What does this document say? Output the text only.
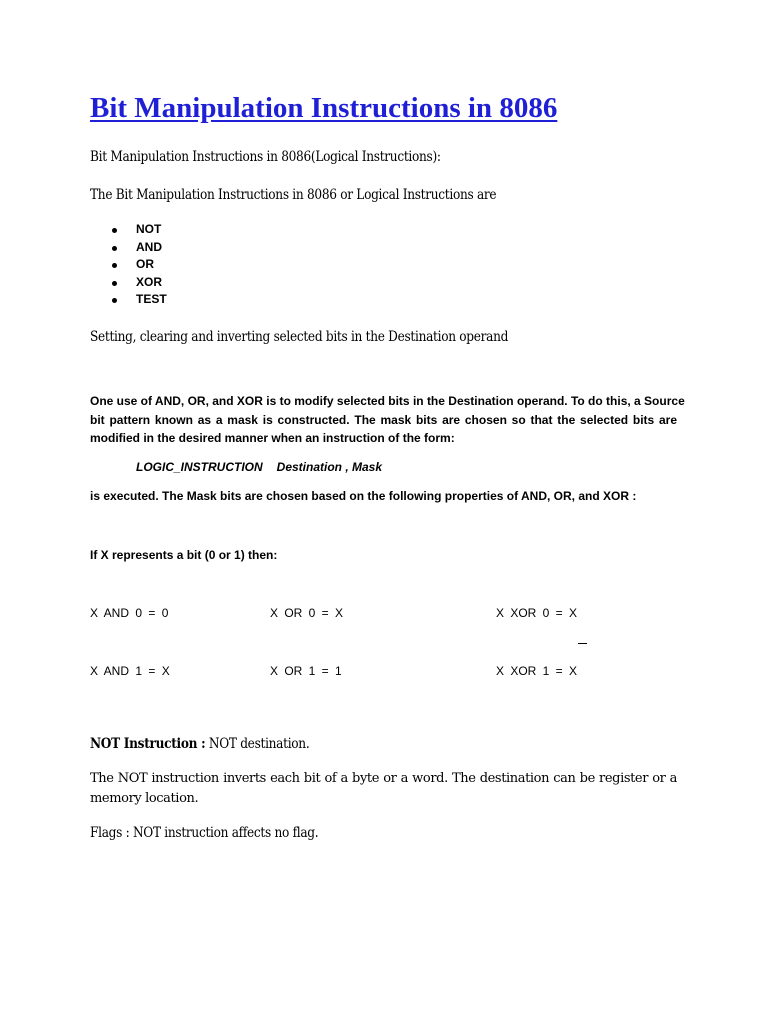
Bit Manipulation Instructions in 8086

Bit Manipulation Instructions in 8086(Logical Instructions):

The Bit Manipulation Instructions in 8086 or Logical Instructions are

NOT
AND
OR
XOR
TEST

Setting, clearing and inverting selected bits in the Destination operand

One use of AND, OR, and XOR is to modify selected bits in the Destination operand. To do this, a Source

bit pattern known as a mask is constructed. The mask bits are chosen so that the selected bits are

modified in the desired manner when an instruction of the form:

LOGIC_INSTRUCTION Destination , Mask

is executed. The Mask bits are chosen based on the following properties of AND, OR, and XOR :

If X represents a bit (0 or 1) then:

X AND 0 = 0	X OR 0 = X	X XOR 0 = X
X AND 1 = X	X OR 1 = 1	X XOR 1 = X

NOT Instruction : NOT destination.

The NOT instruction inverts each bit of a byte or a word. The destination can be register or a
memory location.

Flags : NOT instruction affects no flag.
